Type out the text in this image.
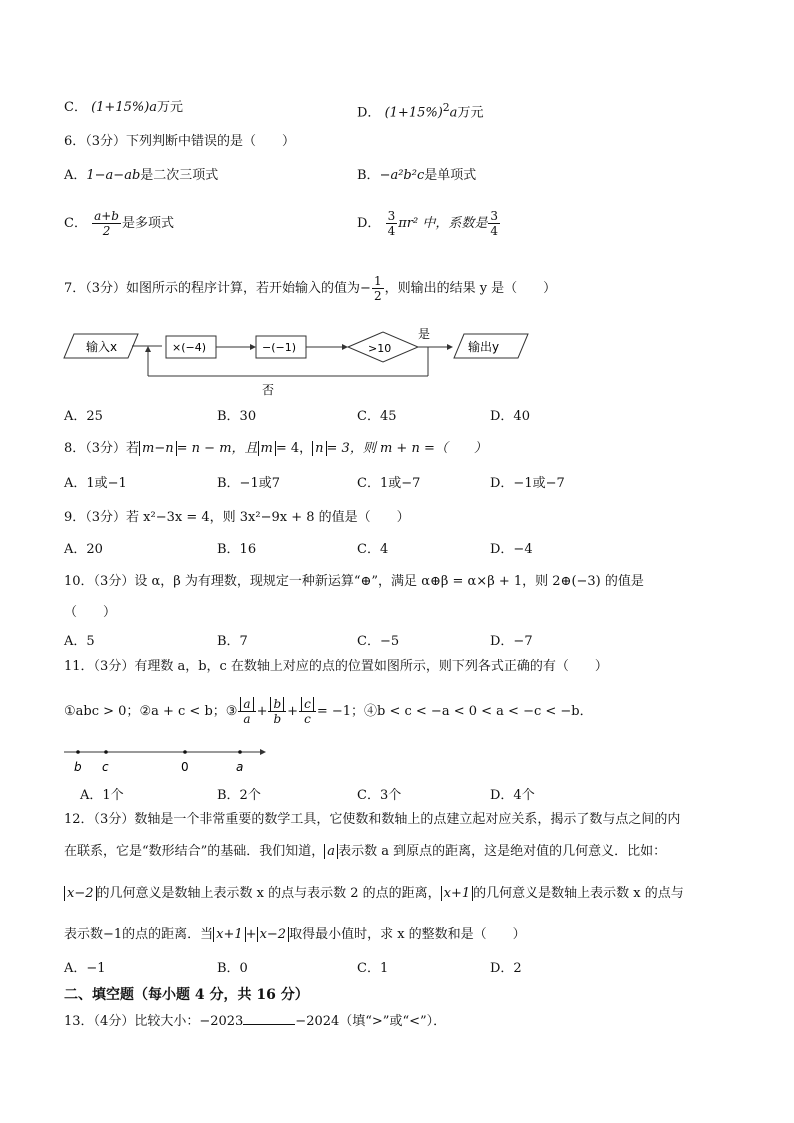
C． (1+15%)a万元	D． $(1+15\%)^2a$万元
6．（3分）下列判断中错误的是（　　）
A．1−a−ab是二次三项式	B．−a²b²c是单项式
C． $\frac{a+b}{2}$ 是多项式	D． $\frac{3}{4} \pi r^2$ 中，系数是 $\frac{3}{4}$
7．（3分）如图所示的程序计算，若开始输入的值为− $\frac{1}{2}$ ，则输出的结果 y 是（　　）
输入x	×(−4)	−(−1)	>10
是
输出y
否
A．25	B．30	C．45	D．40
8．（3分）若 m−n = n − m，且 m = 4， n = 3，则 m + n =（　　）
A．1或−1	B．−1或7	C．1或−7	D．−1或−7
9．（3分）若 x²−3x = 4，则 3x²−9x + 8 的值是（　　）
A．20	B．16	C．4	D．−4
10．（3分）设 α，β 为有理数，现规定一种新运算“⊕”，满足 α⊕β = α×β + 1，则 2⊕(−3) 的值是
（　　）
A．5	B．7	C．−5	D．−7
11．（3分）有理数 a，b，c 在数轴上对应的点的位置如图所示，则下列各式正确的有（　　）
①abc > 0；②a + c < b；③ $\frac{a}{a} + \frac{b}{b} + \frac{c}{c} = -1$；④b < c < −a < 0 < a < −c < −b．
b c	0	a
A．1个	B．2个	C．3个	D．4个
12．（3分）数轴是一个非常重要的数学工具，它使数和数轴上的点建立起对应关系，揭示了数与点之间的内
在联系，它是“数形结合”的基础．我们知道， a 表示数 a 到原点的距离，这是绝对值的几何意义．比如：
x−2 的几何意义是数轴上表示数 x 的点与表示数 2 的点的距离， x+1 的几何意义是数轴上表示数 x 的点与
表示数−1的点的距离．当 x+1 + x−2 取得最小值时，求 x 的整数和是（　　）
A．−1	B．0	C．1	D．2
二、填空题（每小题 4 分，共 16 分）
13．（4分）比较大小：−2023	−2024（填“>”或“<”）．
